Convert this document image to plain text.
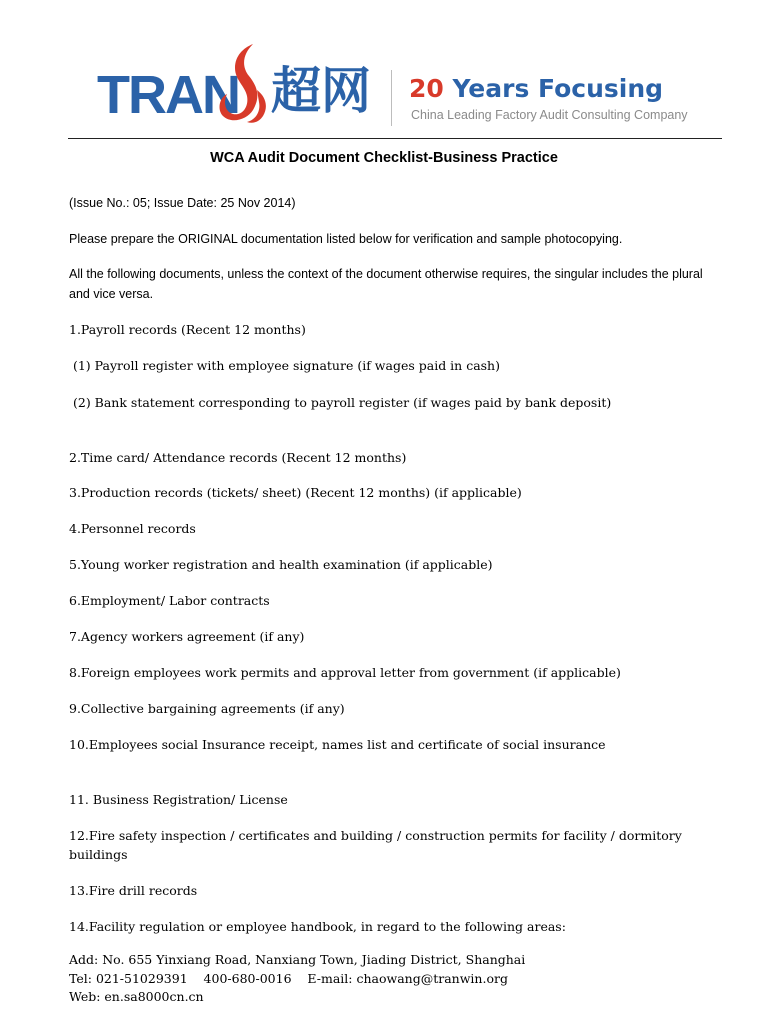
TRAN 超网 20 Years Focusing
China Leading Factory Audit Consulting Company
WCA Audit Document Checklist-Business Practice
(Issue No.: 05; Issue Date: 25 Nov 2014)
Please prepare the ORIGINAL documentation listed below for verification and sample photocopying.
All the following documents, unless the context of the document otherwise requires, the singular includes the plural and vice versa.
1.Payroll records (Recent 12 months)
(1) Payroll register with employee signature (if wages paid in cash)
(2) Bank statement corresponding to payroll register (if wages paid by bank deposit)
2.Time card/ Attendance records (Recent 12 months)
3.Production records (tickets/ sheet) (Recent 12 months) (if applicable)
4.Personnel records
5.Young worker registration and health examination (if applicable)
6.Employment/ Labor contracts
7.Agency workers agreement (if any)
8.Foreign employees work permits and approval letter from government (if applicable)
9.Collective bargaining agreements (if any)
10.Employees social Insurance receipt, names list and certificate of social insurance
11. Business Registration/ License
12.Fire safety inspection / certificates and building / construction permits for facility / dormitory buildings
13.Fire drill records
14.Facility regulation or employee handbook, in regard to the following areas:
Add: No. 655 Yinxiang Road, Nanxiang Town, Jiading District, Shanghai
Tel: 021-51029391    400-680-0016    E-mail: chaowang@tranwin.org
Web: en.sa8000cn.cn
